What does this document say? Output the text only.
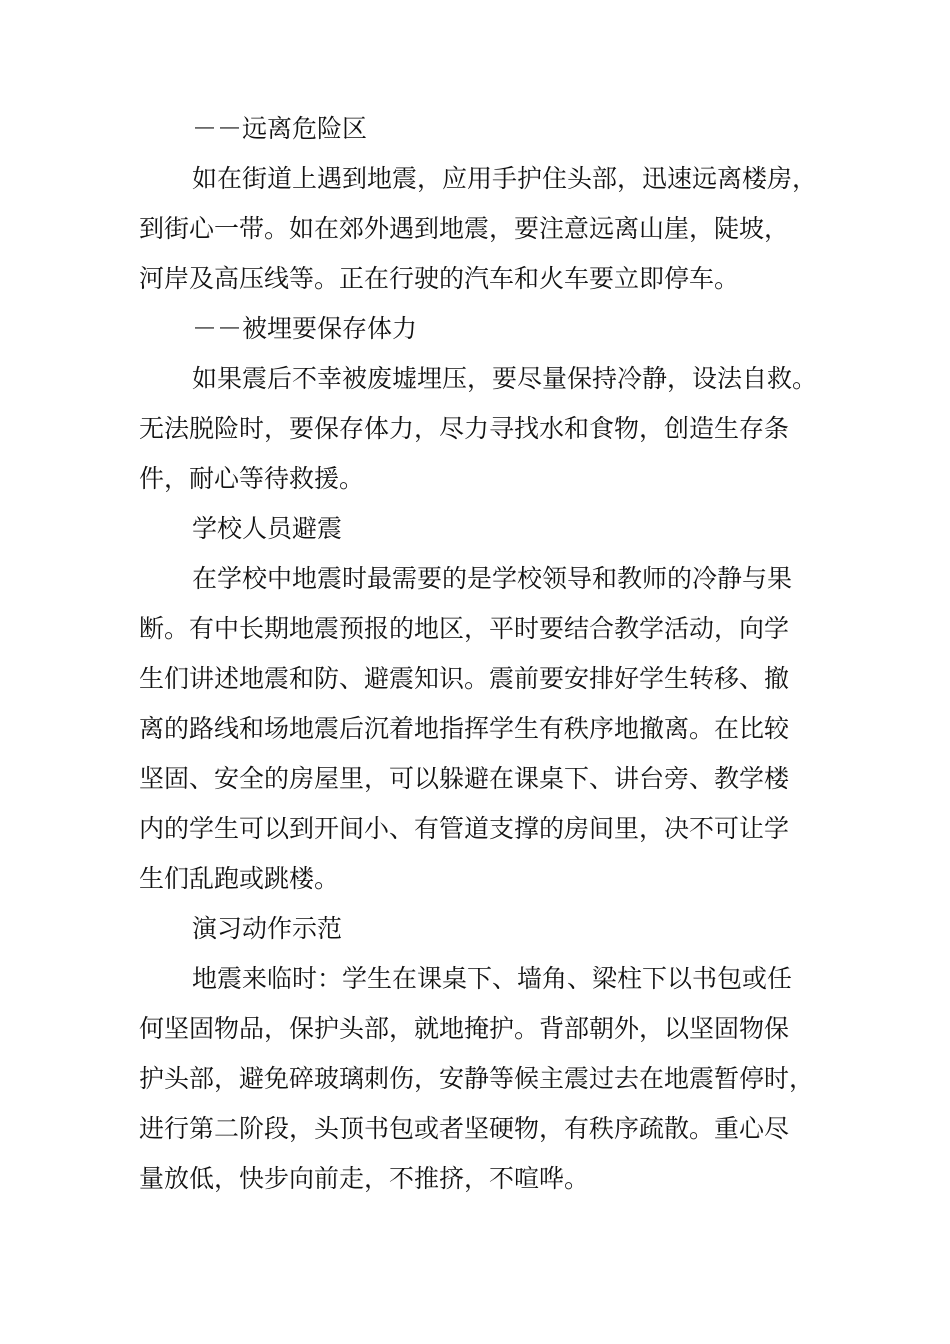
－－远离危险区
如在街道上遇到地震，应用手护住头部，迅速远离楼房，
到街心一带。如在郊外遇到地震，要注意远离山崖，陡坡，
河岸及高压线等。正在行驶的汽车和火车要立即停车。
－－被埋要保存体力
如果震后不幸被废墟埋压，要尽量保持冷静，设法自救。
无法脱险时，要保存体力，尽力寻找水和食物，创造生存条
件，耐心等待救援。
学校人员避震
在学校中地震时最需要的是学校领导和教师的冷静与果
断。有中长期地震预报的地区，平时要结合教学活动，向学
生们讲述地震和防、避震知识。震前要安排好学生转移、撤
离的路线和场地震后沉着地指挥学生有秩序地撤离。在比较
坚固、安全的房屋里，可以躲避在课桌下、讲台旁、教学楼
内的学生可以到开间小、有管道支撑的房间里，决不可让学
生们乱跑或跳楼。
演习动作示范
地震来临时：学生在课桌下、墙角、梁柱下以书包或任
何坚固物品，保护头部，就地掩护。背部朝外，以坚固物保
护头部，避免碎玻璃刺伤，安静等候主震过去在地震暂停时，
进行第二阶段，头顶书包或者坚硬物，有秩序疏散。重心尽
量放低，快步向前走，不推挤，不喧哗。
